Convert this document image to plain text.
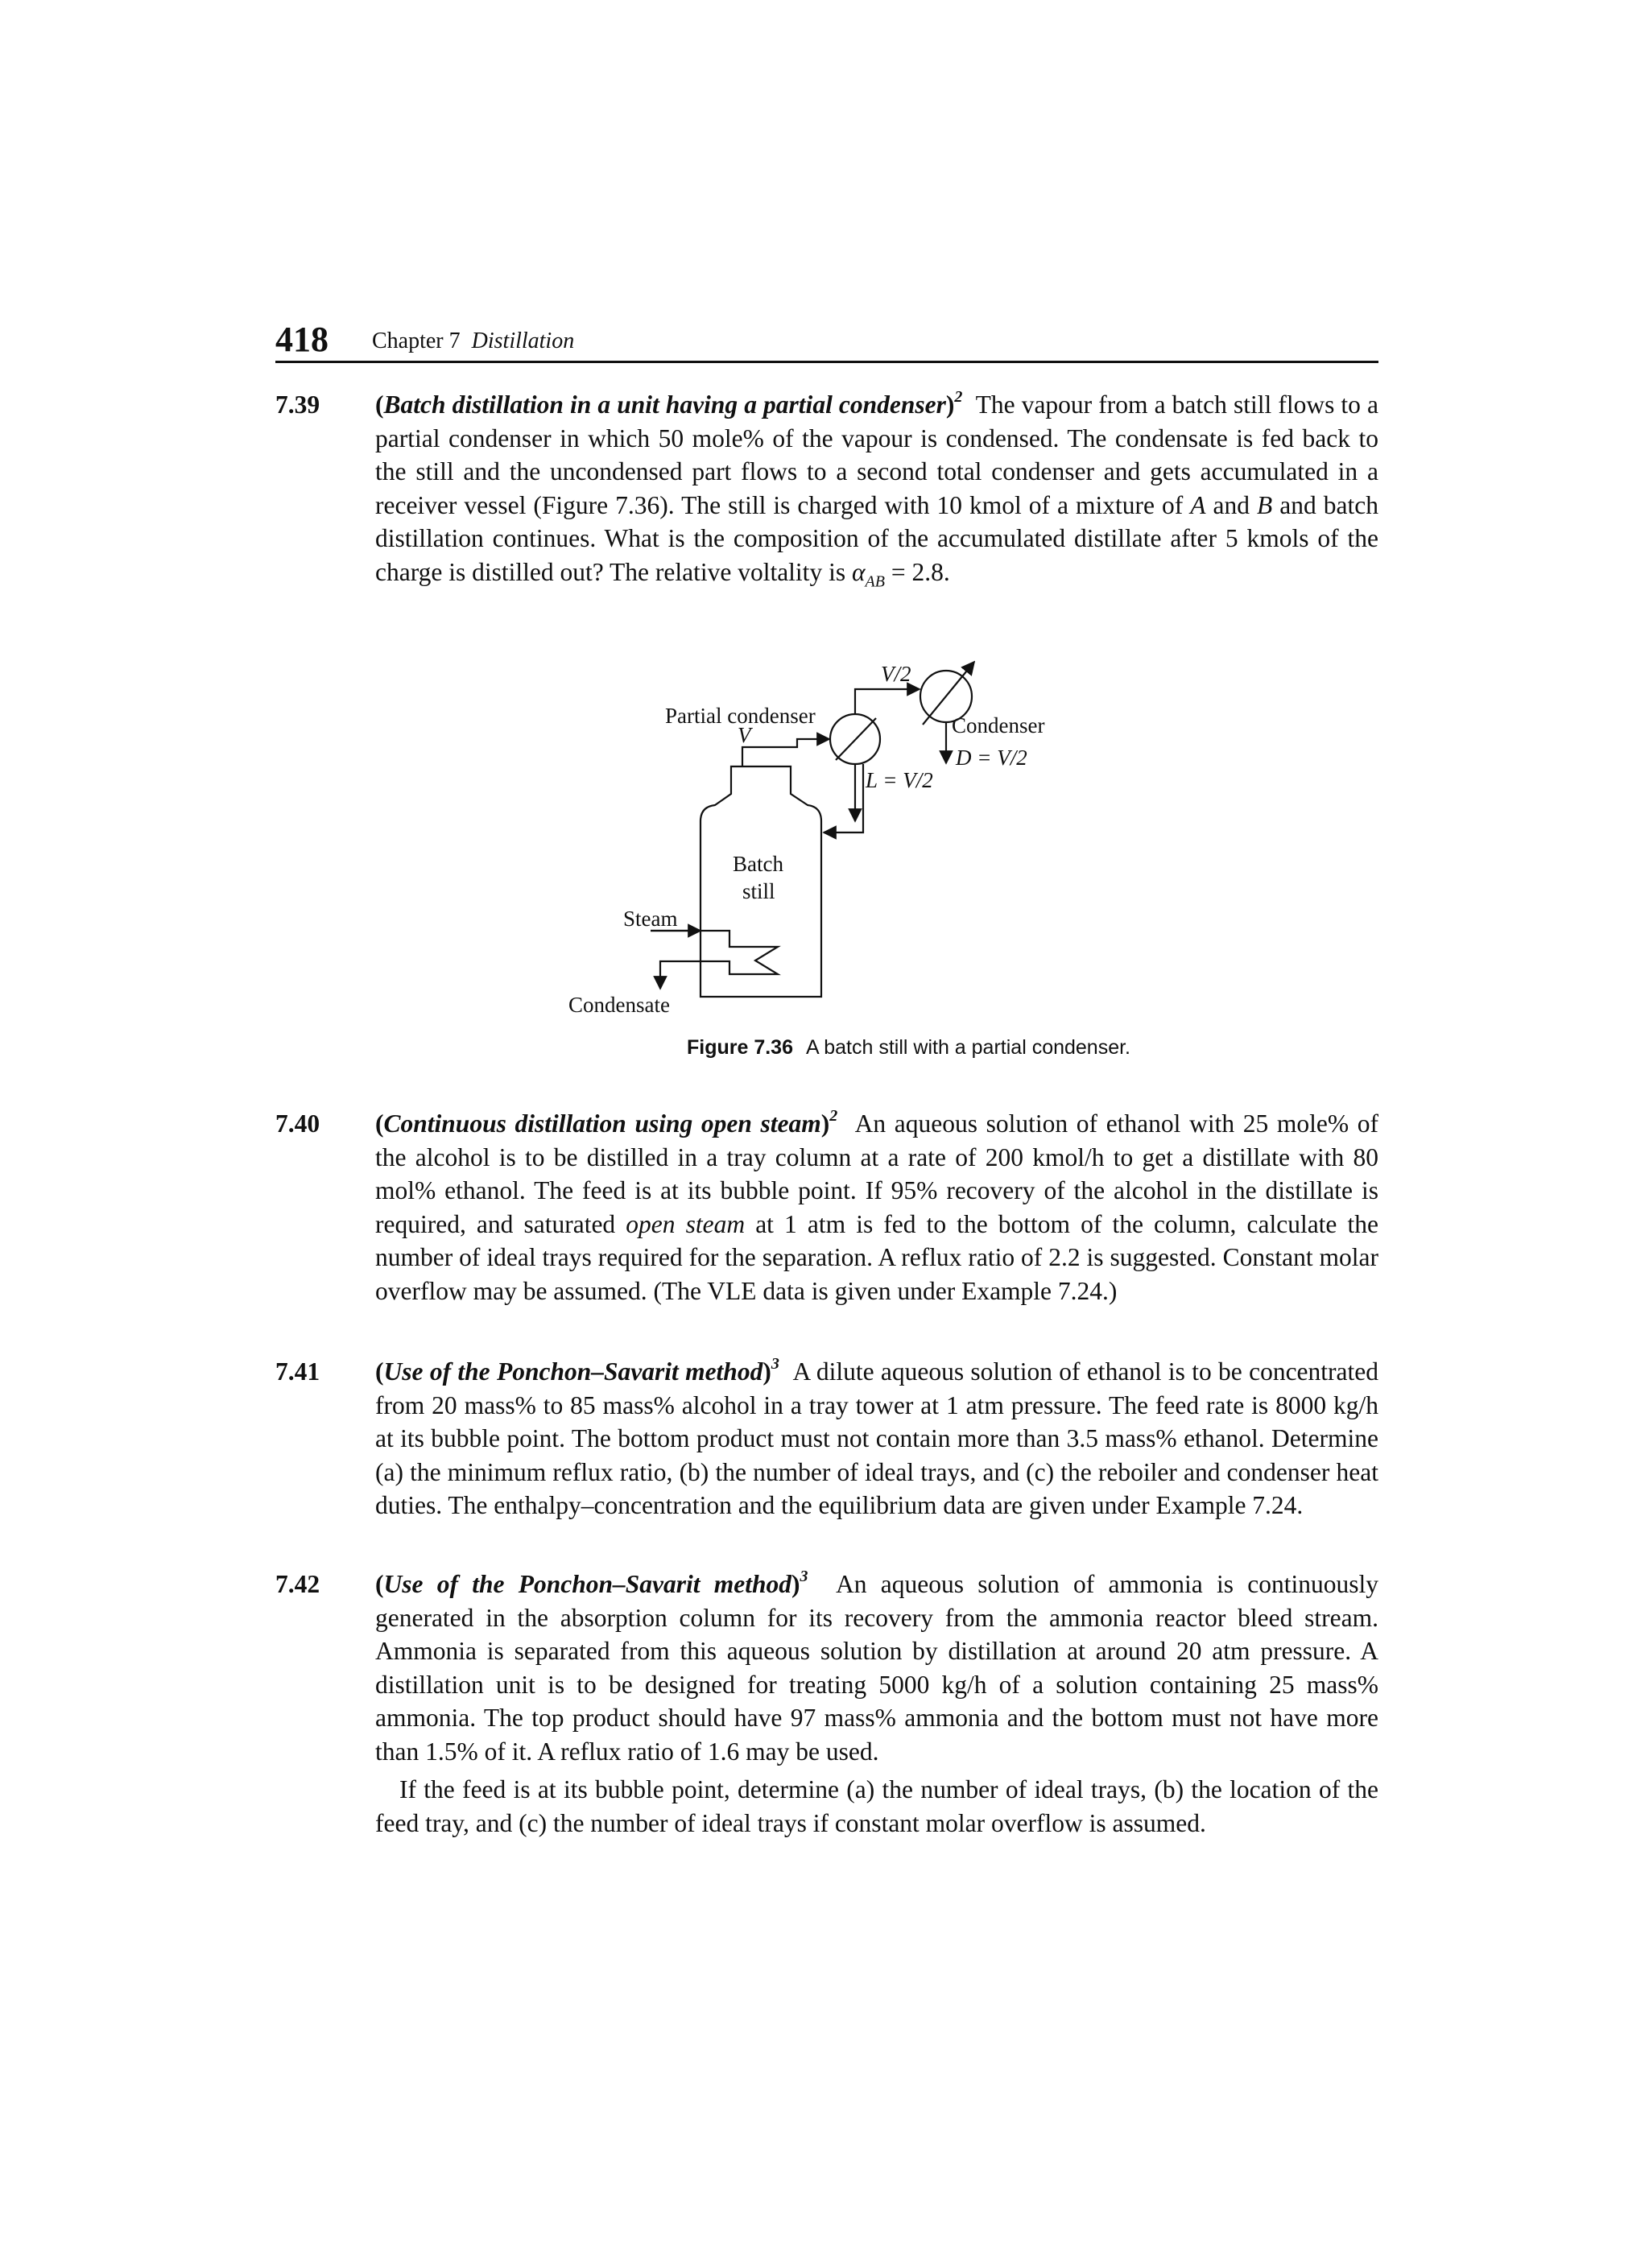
418 Chapter 7 Distillation
7.39 (Batch distillation in a unit having a partial condenser)$^2$ The vapour from a batch still flows to a partial condenser in which 50 mole% of the vapour is condensed. The condensate is fed back to the still and the uncondensed part flows to a second total condenser and gets accumulated in a receiver vessel (Figure 7.36). The still is charged with 10 kmol of a mixture of A and B and batch distillation continues. What is the composition of the accumulated distillate after 5 kmols of the charge is distilled out? The relative voltality is $\alpha_{AB} = 2.8$.
V/2
Partial condenser
V	Condenser
D = V/2
L = V/2
Batch
still
Steam
Condensate
Figure 7.36 A batch still with a partial condenser.
7.40 (Continuous distillation using open steam)$^2$ An aqueous solution of ethanol with 25 mole% of the alcohol is to be distilled in a tray column at a rate of 200 kmol/h to get a distillate with 80 mol% ethanol. The feed is at its bubble point. If 95% recovery of the alcohol in the distillate is required, and saturated open steam at 1 atm is fed to the bottom of the column, calculate the number of ideal trays required for the separation. A reflux ratio of 2.2 is suggested. Constant molar overflow may be assumed. (The VLE data is given under Example 7.24.)
7.41 (Use of the Ponchon–Savarit method)$^3$ A dilute aqueous solution of ethanol is to be concentrated from 20 mass% to 85 mass% alcohol in a tray tower at 1 atm pressure. The feed rate is 8000 kg/h at its bubble point. The bottom product must not contain more than 3.5 mass% ethanol. Determine (a) the minimum reflux ratio, (b) the number of ideal trays, and (c) the reboiler and condenser heat duties. The enthalpy–concentration and the equilibrium data are given under Example 7.24.
7.42 (Use of the Ponchon–Savarit method)$^3$ An aqueous solution of ammonia is continuously generated in the absorption column for its recovery from the ammonia reactor bleed stream. Ammonia is separated from this aqueous solution by distillation at around 20 atm pressure. A distillation unit is to be designed for treating 5000 kg/h of a solution containing 25 mass% ammonia. The top product should have 97 mass% ammonia and the bottom must not have more than 1.5% of it. A reflux ratio of 1.6 may be used.
If the feed is at its bubble point, determine (a) the number of ideal trays, (b) the location of the feed tray, and (c) the number of ideal trays if constant molar overflow is assumed.
